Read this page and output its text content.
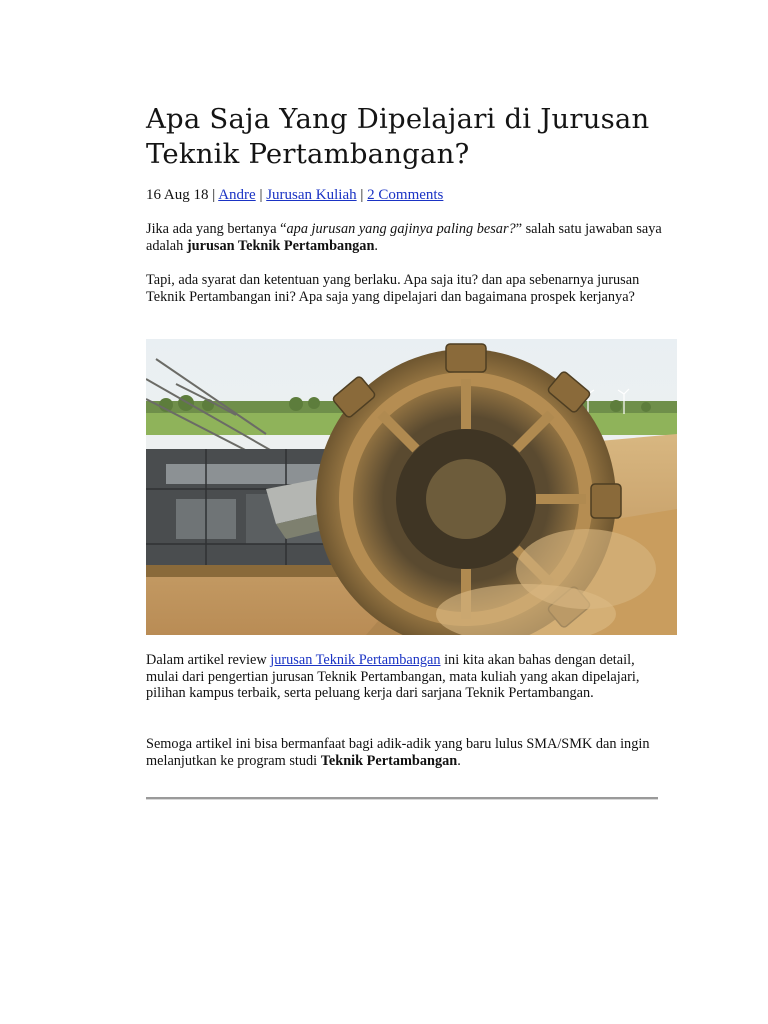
Apa Saja Yang Dipelajari di Jurusan Teknik Pertambangan?
16 Aug 18 | Andre | Jurusan Kuliah | 2 Comments

Jika ada yang bertanya “apa jurusan yang gajinya paling besar?” salah satu jawaban saya adalah jurusan Teknik Pertambangan.

Tapi, ada syarat dan ketentuan yang berlaku. Apa saja itu? dan apa sebenarnya jurusan Teknik Pertambangan ini? Apa saja yang dipelajari dan bagaimana prospek kerjanya?

Dalam artikel review jurusan Teknik Pertambangan ini kita akan bahas dengan detail, mulai dari pengertian jurusan Teknik Pertambangan, mata kuliah yang akan dipelajari, pilihan kampus terbaik, serta peluang kerja dari sarjana Teknik Pertambangan.

Semoga artikel ini bisa bermanfaat bagi adik-adik yang baru lulus SMA/SMK dan ingin melanjutkan ke program studi Teknik Pertambangan.
